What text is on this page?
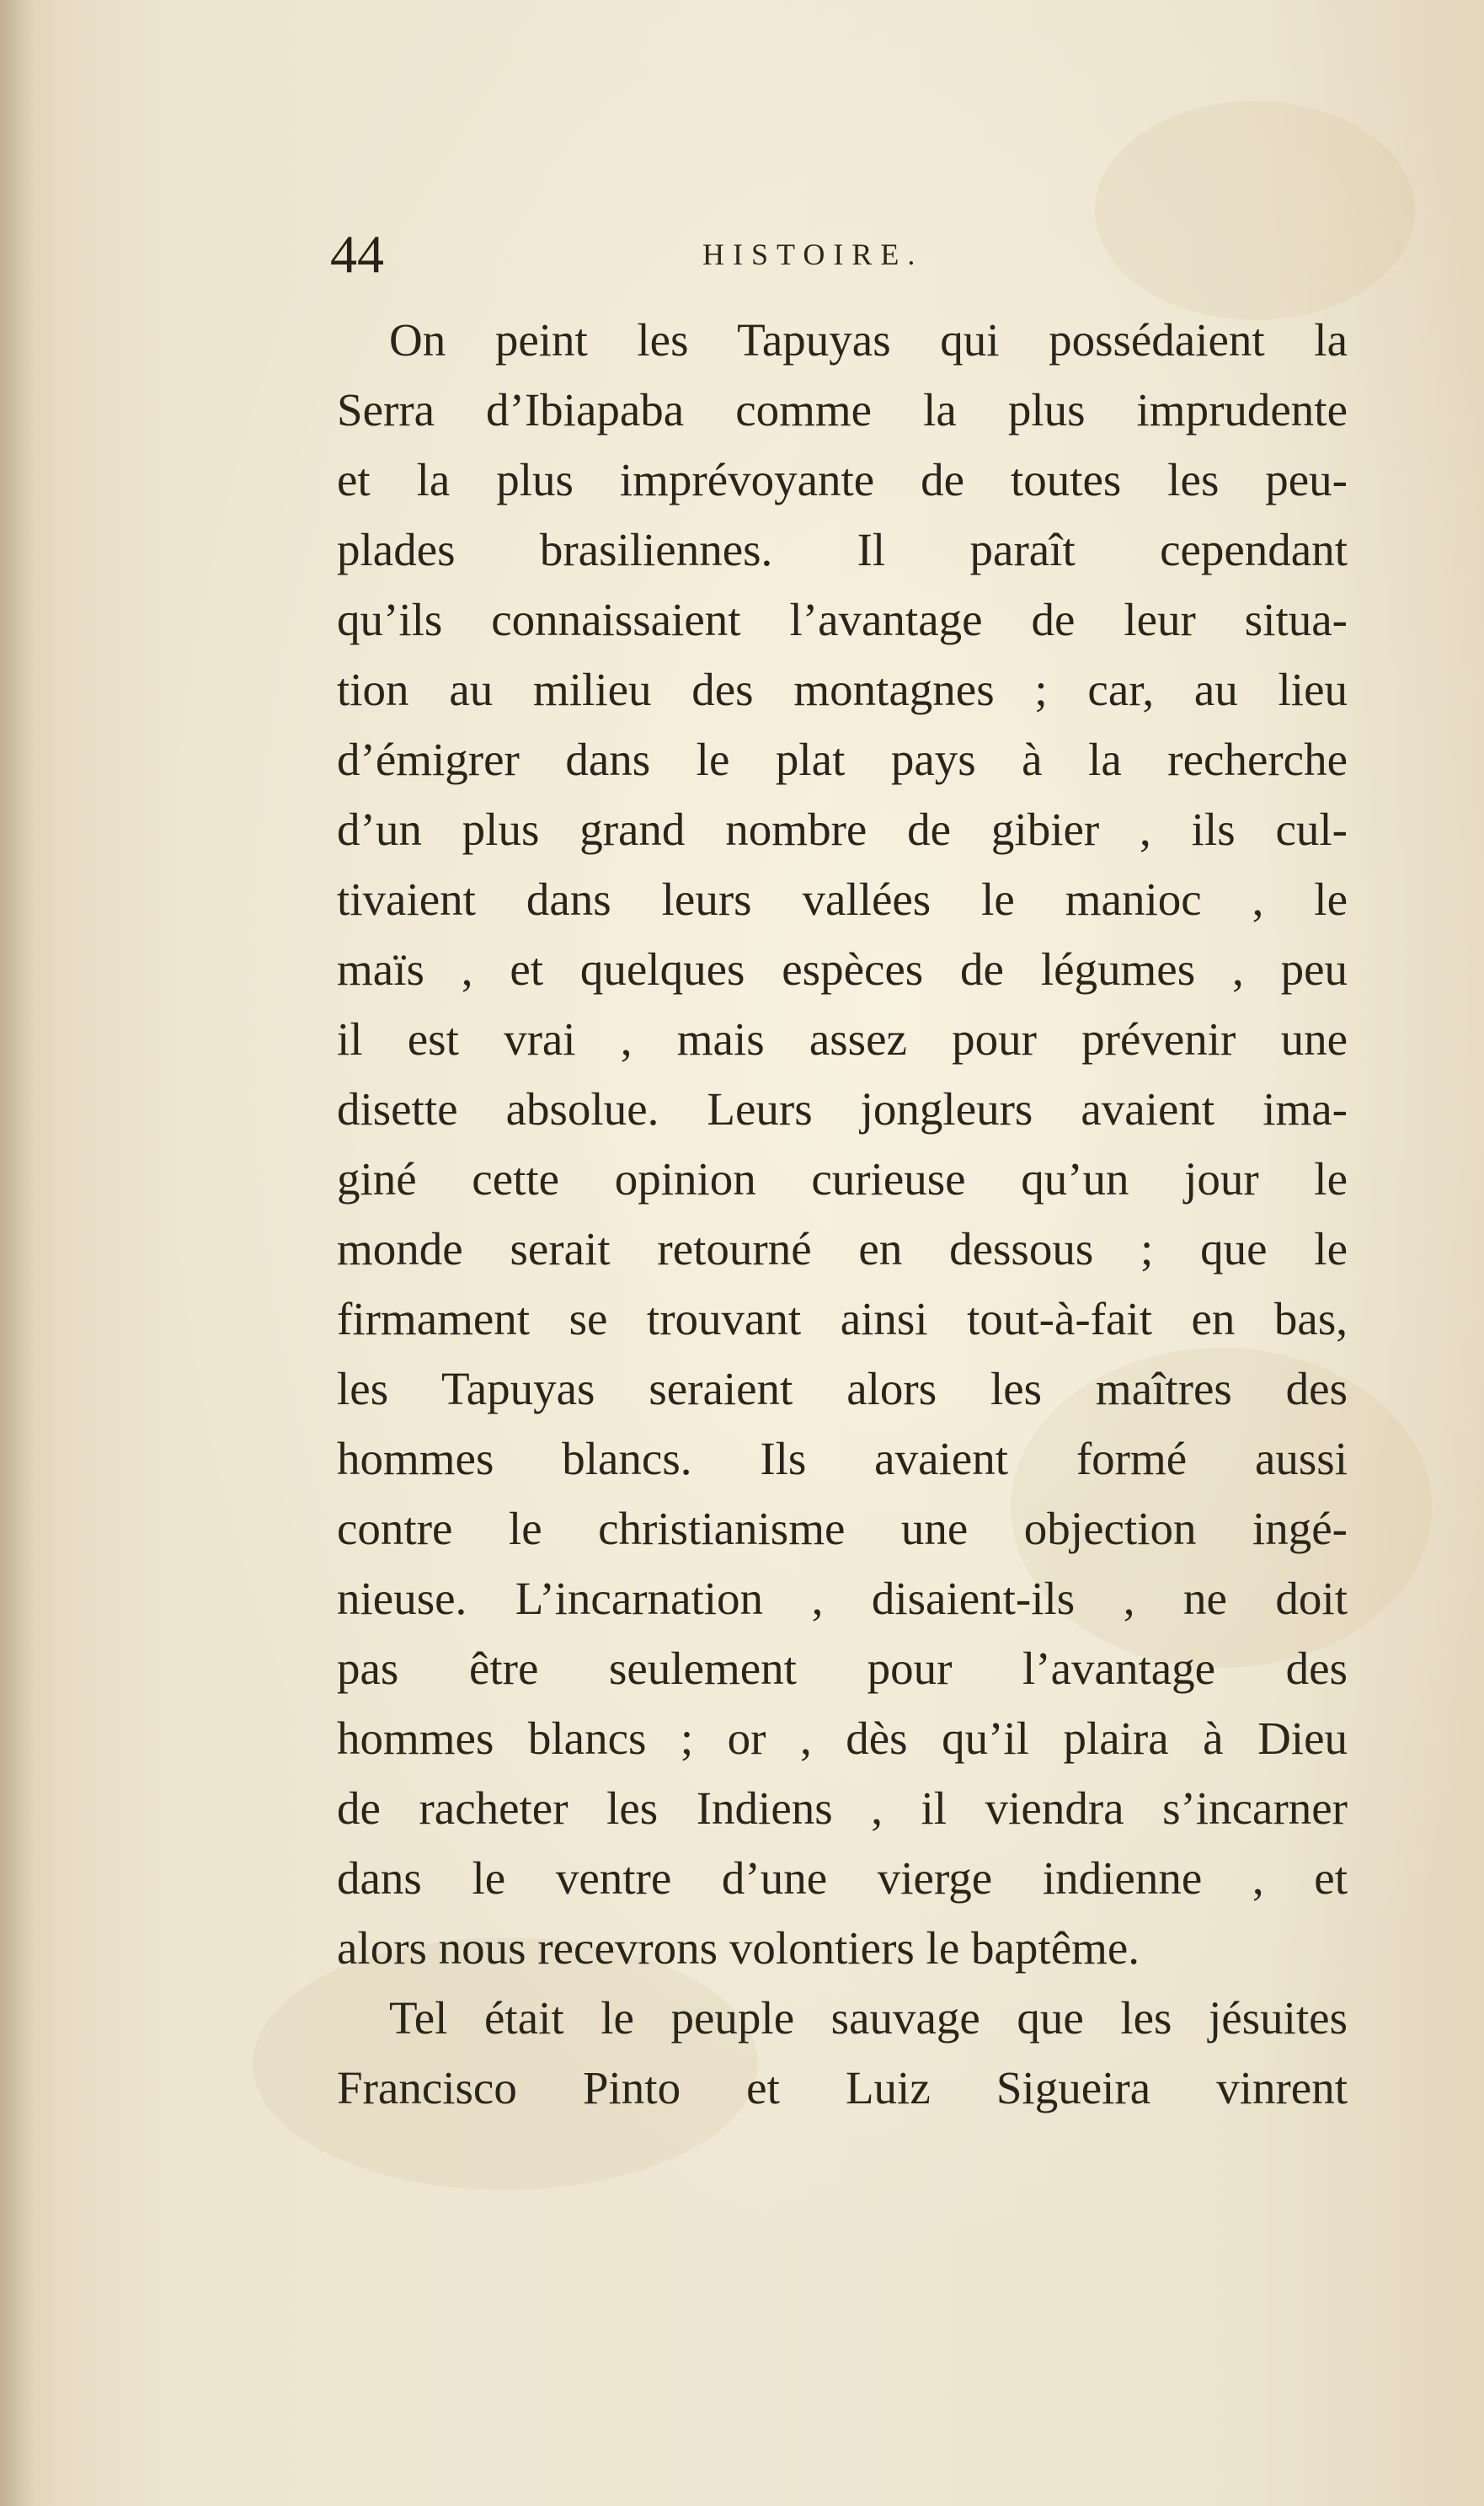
44	HISTOIRE.
On peint les Tapuyas qui possédaient la
Serra d’Ibiapaba comme la plus imprudente
et la plus imprévoyante de toutes les peu-
plades brasiliennes. Il paraît cependant
qu’ils connaissaient l’avantage de leur situa-
tion au milieu des montagnes ; car, au lieu
d’émigrer dans le plat pays à la recherche
d’un plus grand nombre de gibier , ils cul-
tivaient dans leurs vallées le manioc , le
maïs , et quelques espèces de légumes , peu
il est vrai , mais assez pour prévenir une
disette absolue. Leurs jongleurs avaient ima-
giné cette opinion curieuse qu’un jour le
monde serait retourné en dessous ; que le
firmament se trouvant ainsi tout-à-fait en bas,
les Tapuyas seraient alors les maîtres des
hommes blancs. Ils avaient formé aussi
contre le christianisme une objection ingé-
nieuse. L’incarnation , disaient-ils , ne doit
pas être seulement pour l’avantage des
hommes blancs ; or , dès qu’il plaira à Dieu
de racheter les Indiens , il viendra s’incarner
dans le ventre d’une vierge indienne , et
alors nous recevrons volontiers le baptême.
Tel était le peuple sauvage que les jésuites
Francisco Pinto et Luiz Sigueira vinrent
